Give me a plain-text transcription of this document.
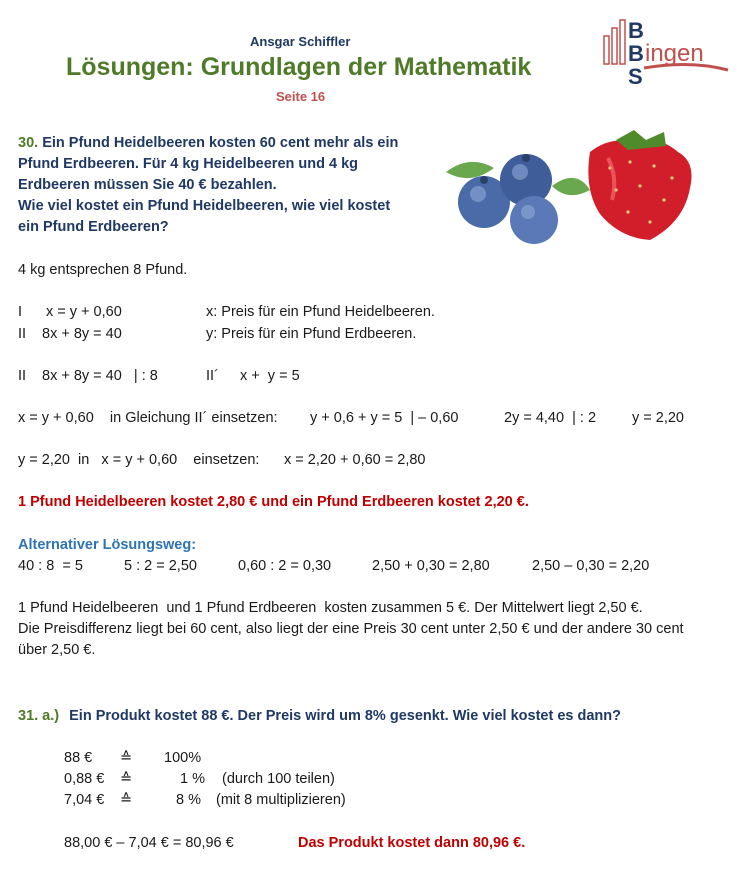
Ansgar Schiffler
Lösungen: Grundlagen der Mathematik
Seite 16
B
B
S
ingen
30. Ein Pfund Heidelbeeren kosten 60 cent mehr als ein
Pfund Erdbeeren. Für 4 kg Heidelbeeren und 4 kg
Erdbeeren müssen Sie 40 € bezahlen.
Wie viel kostet ein Pfund Heidelbeeren, wie viel kostet
ein Pfund Erdbeeren?
4 kg entsprechen 8 Pfund.
I x = y + 0,60	x: Preis für ein Pfund Heidelbeeren.
II 8x + 8y = 40	y: Preis für ein Pfund Erdbeeren.
II 8x + 8y = 40   | : 8	II´ x +  y = 5
x = y + 0,60    in Gleichung II´ einsetzen: y + 0,6 + y = 5  | – 0,60	2y = 4,40  | : 2 y = 2,20
y = 2,20  in   x = y + 0,60    einsetzen: x = 2,20 + 0,60 = 2,80
1 Pfund Heidelbeeren kostet 2,80 € und ein Pfund Erdbeeren kostet 2,20 €.
Alternativer Lösungsweg:
40 : 8  = 5	5 : 2 = 2,50	0,60 : 2 = 0,30	2,50 + 0,30 = 2,80	2,50 – 0,30 = 2,20
1 Pfund Heidelbeeren  und 1 Pfund Erdbeeren  kosten zusammen 5 €. Der Mittelwert liegt 2,50 €.
Die Preisdifferenz liegt bei 60 cent, also liegt der eine Preis 30 cent unter 2,50 € und der andere 30 cent
über 2,50 €.
31. a.) Ein Produkt kostet 88 €. Der Preis wird um 8% gesenkt. Wie viel kostet es dann?
88 € ≙ 100%
0,88 € ≙	1 % (durch 100 teilen)
7,04 € ≙	8 % (mit 8 multiplizieren)
88,00 € – 7,04 € = 80,96 €	Das Produkt kostet dann 80,96 €.
